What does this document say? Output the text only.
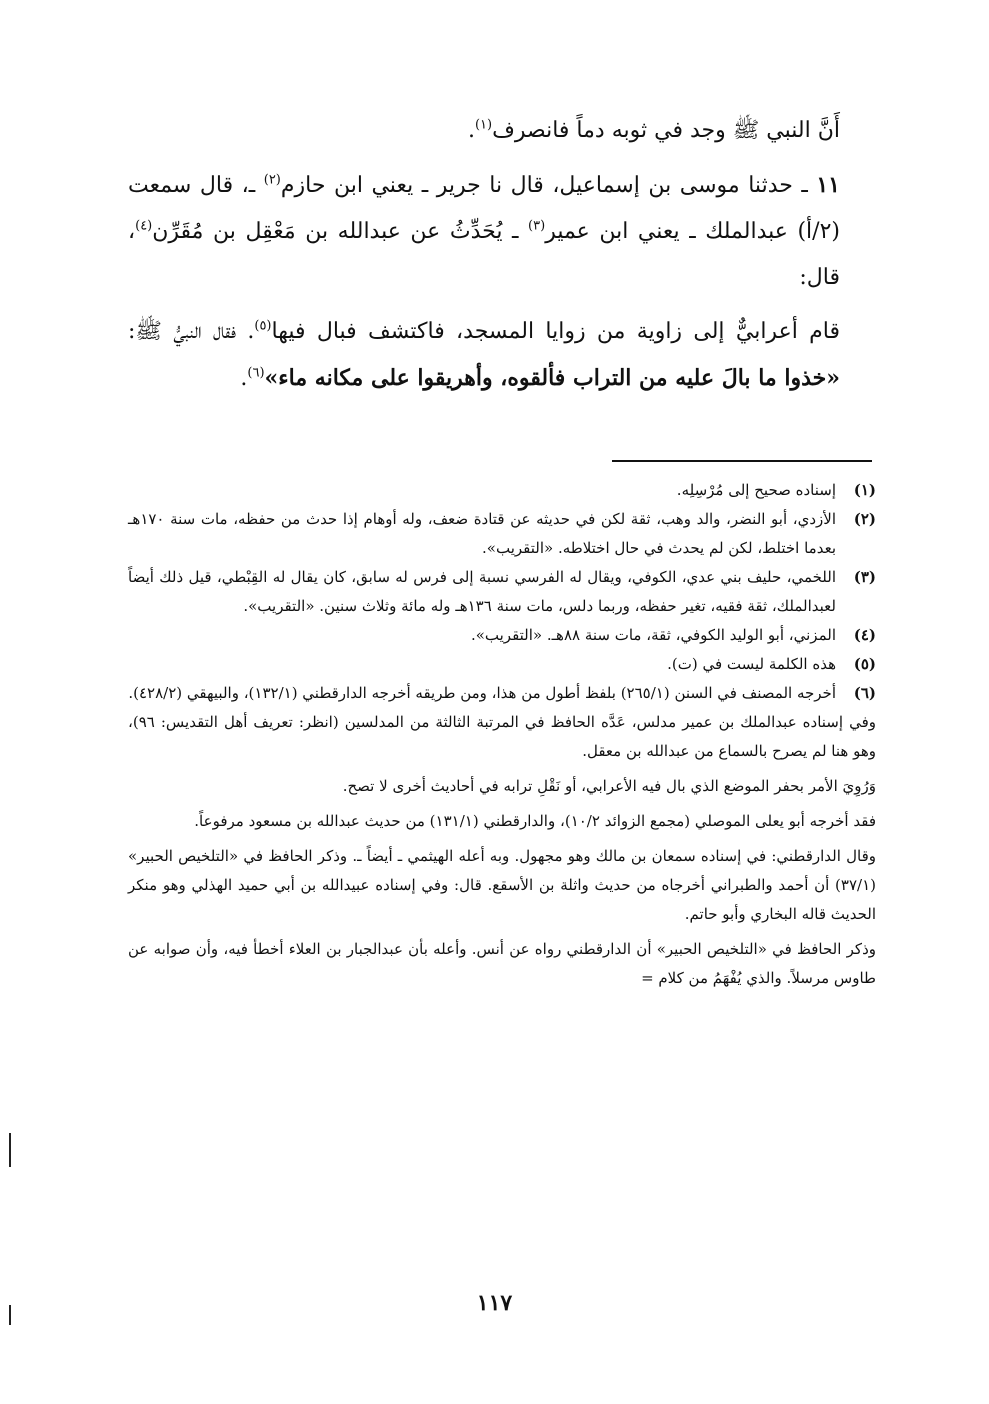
أَنَّ النبي ﷺ وجد في ثوبه دماً فانصرف$^{(١)}$.

١١ ـ حدثنا موسى بن إسماعيل، قال نا جرير ـ يعني ابن حازم$^{(٢)}$ ـ، قال سمعت (٢/أ) عبدالملك ـ يعني ابن عمير$^{(٣)}$ ـ يُحَدِّثُ عن عبدالله بن مَعْقِل بن مُقَرِّن$^{(٤)}$، قال:

قام أعرابيٌّ إلى زاوية من زوايا المسجد، فاكتشف فبال فيها$^{(٥)}$. فقال النبيُّ ﷺ: «خذوا ما بالَ عليه من التراب فألقوه، وأهريقوا على مكانه ماء»$^{(٦)}$.

(١)
إسناده صحيح إلى مُرْسِلِه.
(٢)
الأزدي، أبو النضر، والد وهب، ثقة لكن في حديثه عن قتادة ضعف، وله أوهام إذا حدث من حفظه، مات سنة ١٧٠هـ بعدما اختلط، لكن لم يحدث في حال اختلاطه. «التقريب».
(٣)
اللخمي، حليف بني عدي، الكوفي، ويقال له الفرسي نسبة إلى فرس له سابق، كان يقال له القِبْطي، قيل ذلك أيضاً لعبدالملك، ثقة فقيه، تغير حفظه، وربما دلس، مات سنة ١٣٦هـ وله مائة وثلاث سنين. «التقريب».
(٤)
المزني، أبو الوليد الكوفي، ثقة، مات سنة ٨٨هـ. «التقريب».
(٥)
هذه الكلمة ليست في (ت).
(٦)
أخرجه المصنف في السنن (٢٦٥/١) بلفظ أطول من هذا، ومن طريقه أخرجه الدارقطني (١٣٢/١)، والبيهقي (٤٢٨/٢).

وفي إسناده عبدالملك بن عمير مدلس، عَدَّه الحافظ في المرتبة الثالثة من المدلسين (انظر: تعريف أهل التقديس: ٩٦)، وهو هنا لم يصرح بالسماع من عبدالله بن معقل.

وَرُوِيَ الأمر بحفر الموضع الذي بال فيه الأعرابي، أو نَقْلِ ترابه في أحاديث أخرى لا تصح.

فقد أخرجه أبو يعلى الموصلي (مجمع الزوائد ١٠/٢)، والدارقطني (١٣١/١) من حديث عبدالله بن مسعود مرفوعاً.

وقال الدارقطني: في إسناده سمعان بن مالك وهو مجهول. وبه أعله الهيثمي ـ أيضاً ـ. وذكر الحافظ في «التلخيص الحبير» (٣٧/١) أن أحمد والطبراني أخرجاه من حديث واثلة بن الأسقع. قال: وفي إسناده عبيدالله بن أبي حميد الهذلي وهو منكر الحديث قاله البخاري وأبو حاتم.

وذكر الحافظ في «التلخيص الحبير» أن الدارقطني رواه عن أنس. وأعله بأن عبدالجبار بن العلاء أخطأ فيه، وأن صوابه عن طاوس مرسلاً. والذي يُفْهَمُ من كلام =

١١٧
